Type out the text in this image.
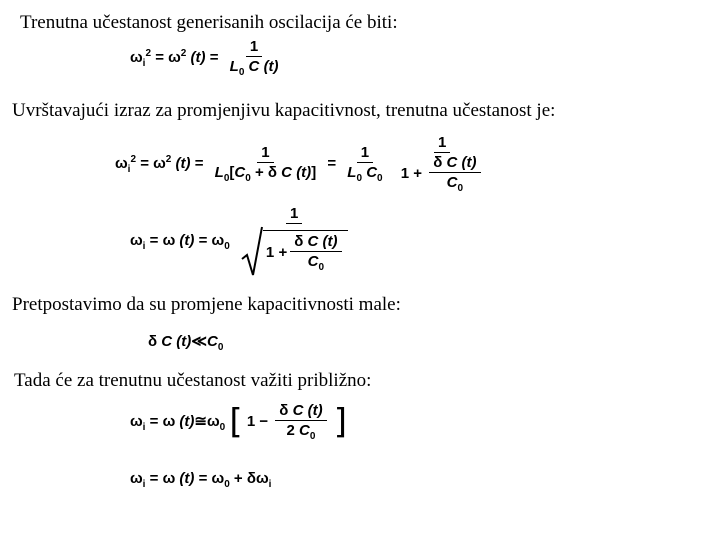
Trenutna učestanost generisanih oscilacija će biti:
$\omega_i^2 = \omega^2$ $(t) = \frac{1}{L_0 C (t)}$
Uvrštavajući izraz za promjenjivu kapacitivnost, trenutna učestanost je:
$\omega_i^2 = \omega^2$ $(t) = \frac{1}{L_0[C_0 + \delta C (t)]} = \frac{1}{L_0 C_0}$
$\frac{1}{1 + \frac{\text{δ C (t)}}{C_0}}$
$\omega_i = \omega$ $(t) = \omega_0$ 1
1
+ $\frac{\text{δ C (t)}}{C_0}$
Pretpostavimo da su promjene kapacitivnosti male:
δ C $(t)≪C_0$
Tada će za trenutnu učestanost važiti približno:
$\omega_i = \omega$ $(t)≅\omega_0$ [ $1 - \frac{\text{δ C (t)}}{2 C_0}$ ]
$\omega_i = \omega$ $(t) = \omega_0 + \delta\omega_i$
